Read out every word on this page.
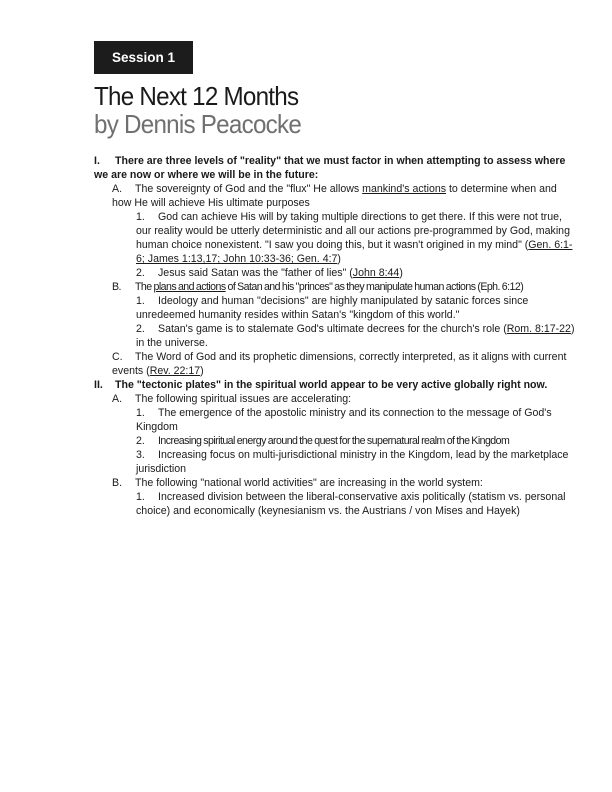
Session 1
The Next 12 Months
by Dennis Peacocke

I. There are three levels of "reality" that we must factor in when attempting to assess where we are now or where we will be in the future:

A. The sovereignty of God and the "flux" He allows mankind's actions to determine when and how He will achieve His ultimate purposes

1. God can achieve His will by taking multiple directions to get there. If this were not true, our reality would be utterly deterministic and all our actions pre-programmed by God, making human choice nonexistent. "I saw you doing this, but it wasn't origined in my mind" (Gen. 6:1-6; James 1:13,17; John 10:33-36; Gen. 4:7)

2. Jesus said Satan was the "father of lies" (John 8:44)

B. The plans and actions of Satan and his "princes" as they manipulate human actions (Eph. 6:12)

1. Ideology and human "decisions" are highly manipulated by satanic forces since unredeemed humanity resides within Satan's "kingdom of this world."

2. Satan's game is to stalemate God's ultimate decrees for the church's role (Rom. 8:17-22) in the universe.

C. The Word of God and its prophetic dimensions, correctly interpreted, as it aligns with current events (Rev. 22:17)

II. The "tectonic plates" in the spiritual world appear to be very active globally right now.

A. The following spiritual issues are accelerating:

1. The emergence of the apostolic ministry and its connection to the message of God's Kingdom

2. Increasing spiritual energy around the quest for the supernatural realm of the Kingdom

3. Increasing focus on multi-jurisdictional ministry in the Kingdom, lead by the marketplace jurisdiction

B. The following "national world activities" are increasing in the world system:

1. Increased division between the liberal-conservative axis politically (statism vs. personal choice) and economically (keynesianism vs. the Austrians / von Mises and Hayek)
